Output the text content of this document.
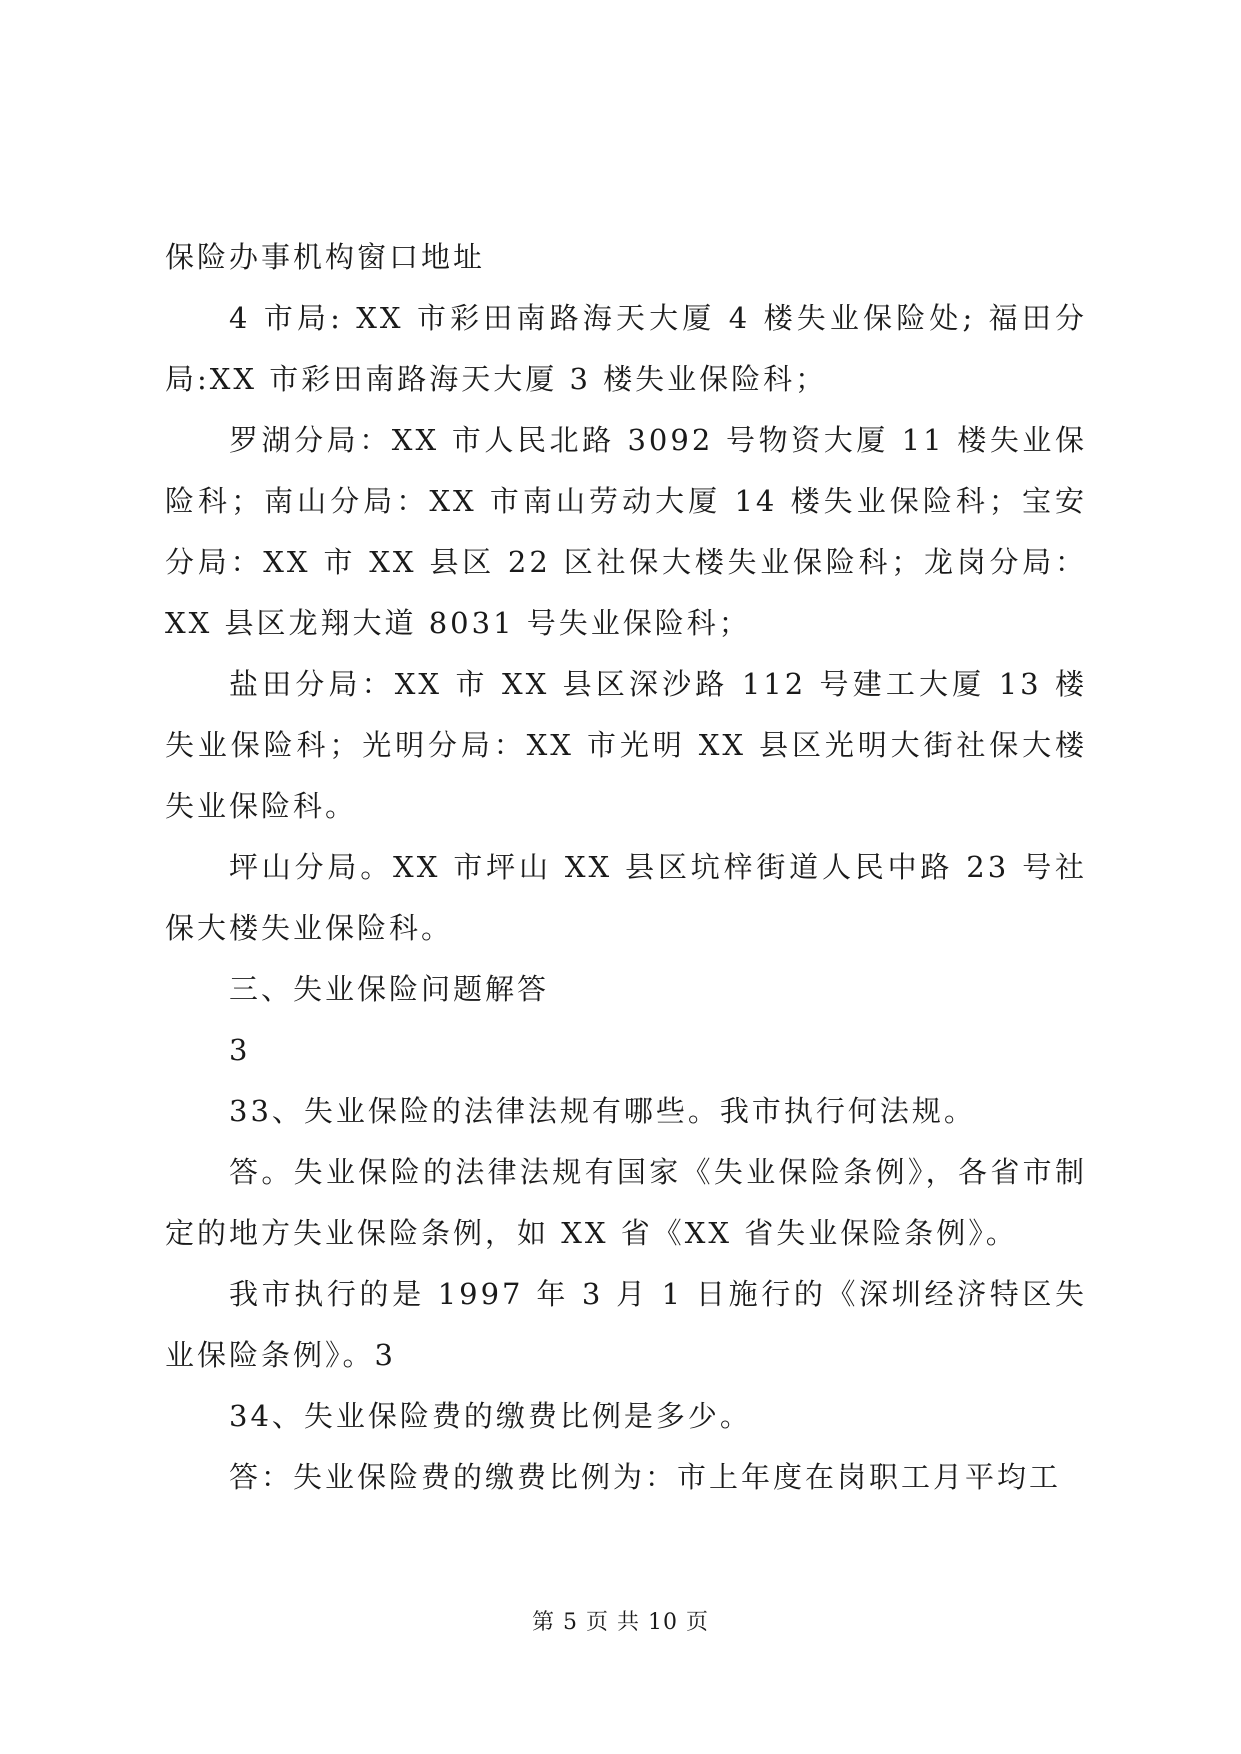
保险办事机构窗口地址

4 市局: XX 市彩田南路海天大厦 4 楼失业保险处; 福田分局:XX 市彩田南路海天大厦 3 楼失业保险科；

罗湖分局：XX 市人民北路 3092 号物资大厦 11 楼失业保险科；南山分局：XX 市南山劳动大厦 14 楼失业保险科；宝安分局：XX 市 XX 县区 22 区社保大楼失业保险科；龙岗分局：XX 县区龙翔大道 8031 号失业保险科；

盐田分局：XX 市 XX 县区深沙路 112 号建工大厦 13 楼失业保险科；光明分局：XX 市光明 XX 县区光明大街社保大楼失业保险科。

坪山分局。XX 市坪山 XX 县区坑梓街道人民中路 23 号社保大楼失业保险科。

三、失业保险问题解答

3

33、失业保险的法律法规有哪些。我市执行何法规。

答。失业保险的法律法规有国家《失业保险条例》，各省市制定的地方失业保险条例，如 XX 省《XX 省失业保险条例》。

我市执行的是 1997 年 3 月 1 日施行的《深圳经济特区失业保险条例》。3

34、失业保险费的缴费比例是多少。

答：失业保险费的缴费比例为：市上年度在岗职工月平均工

第 5 页 共 10 页
